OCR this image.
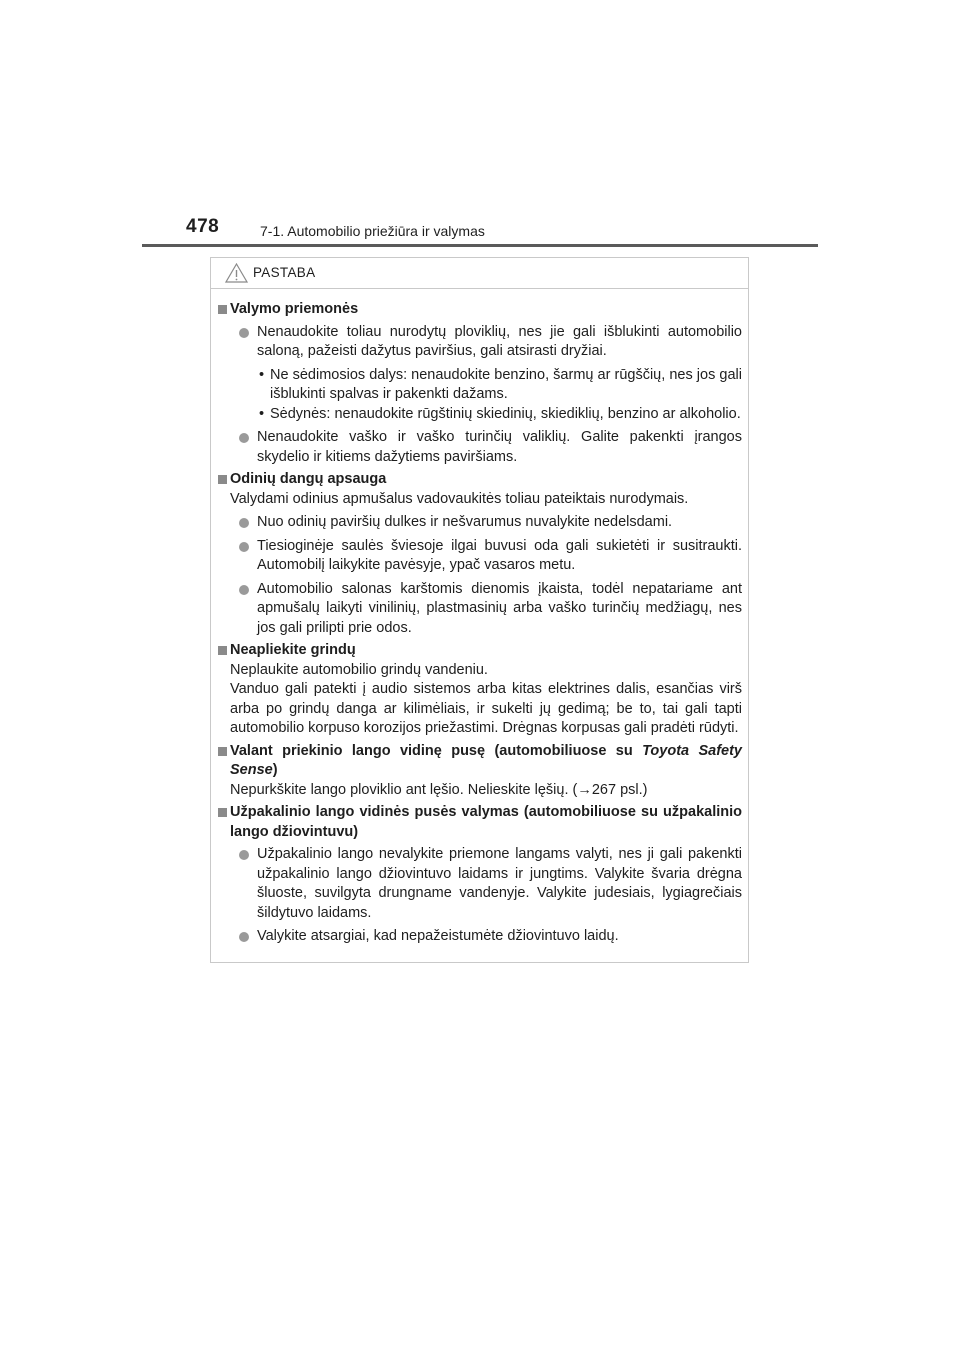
478	7-1. Automobilio priežiūra ir valymas
PASTABA
Valymo priemonės
Nenaudokite toliau nurodytų ploviklių, nes jie gali išblukinti automobilio saloną, pažeisti dažytus paviršius, gali atsirasti dryžiai.
• Ne sėdimosios dalys: nenaudokite benzino, šarmų ar rūgščių, nes jos gali išblukinti spalvas ir pakenkti dažams.
• Sėdynės: nenaudokite rūgštinių skiedinių, skiediklių, benzino ar alkoholio.
Nenaudokite vaško ir vaško turinčių valiklių. Galite pakenkti įrangos skydelio ir kitiems dažytiems paviršiams.
Odinių dangų apsauga
Valydami odinius apmušalus vadovaukitės toliau pateiktais nurodymais.
Nuo odinių paviršių dulkes ir nešvarumus nuvalykite nedelsdami.
Tiesioginėje saulės šviesoje ilgai buvusi oda gali sukietėti ir susitraukti. Automobilį laikykite pavėsyje, ypač vasaros metu.
Automobilio salonas karštomis dienomis įkaista, todėl nepatariame ant apmušalų laikyti vinilinių, plastmasinių arba vaško turinčių medžiagų, nes jos gali prilipti prie odos.
Neapliekite grindų
Neplaukite automobilio grindų vandeniu.
Vanduo gali patekti į audio sistemos arba kitas elektrines dalis, esančias virš arba po grindų danga ar kilimėliais, ir sukelti jų gedimą; be to, tai gali tapti automobilio korpuso korozijos priežastimi. Drėgnas korpusas gali pradėti rūdyti.
Valant priekinio lango vidinę pusę (automobiliuose su Toyota Safety Sense)
Nepurkškite lango ploviklio ant lęšio. Nelieskite lęšių. (→267 psl.)
Užpakalinio lango vidinės pusės valymas (automobiliuose su užpakalinio lango džiovintuvu)
Užpakalinio lango nevalykite priemone langams valyti, nes ji gali pakenkti užpakalinio lango džiovintuvo laidams ir jungtims. Valykite švaria drėgna šluoste, suvilgyta drungname vandenyje. Valykite judesiais, lygiagrečiais šildytuvo laidams.
Valykite atsargiai, kad nepažeistumėte džiovintuvo laidų.
